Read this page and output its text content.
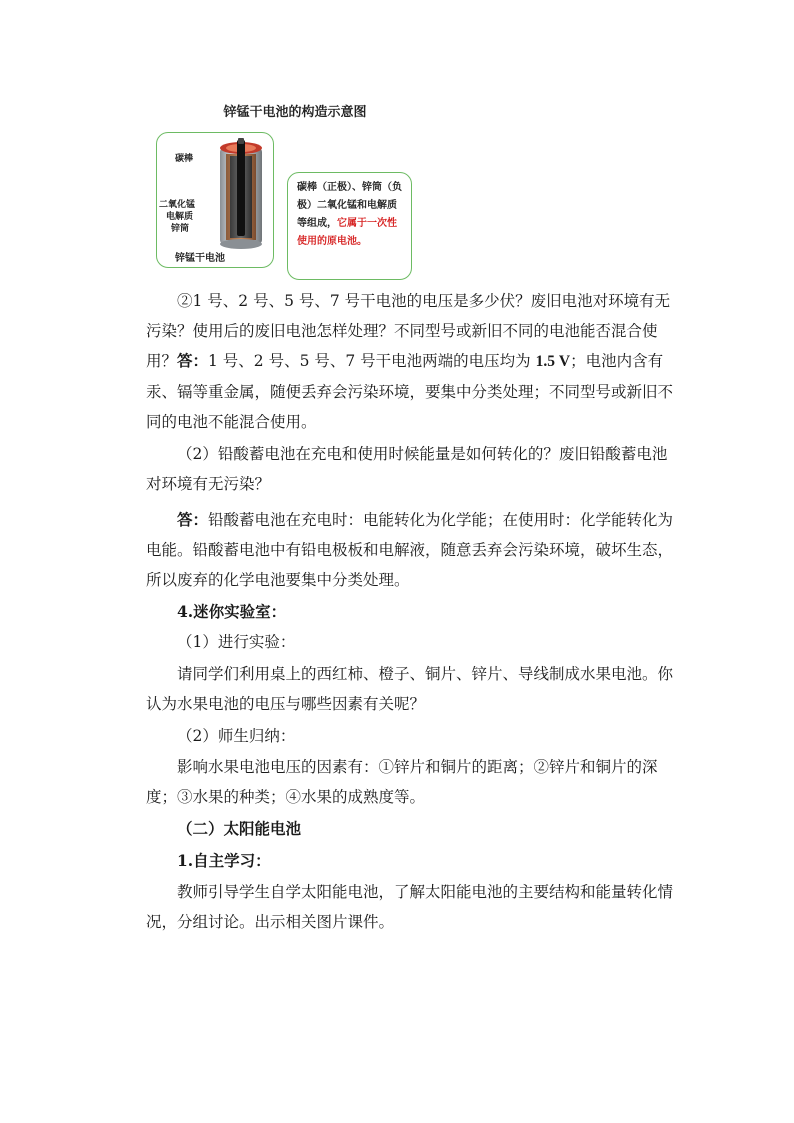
锌锰干电池的构造示意图
碳棒
二氧化锰
电解质
锌筒
锌锰干电池
碳棒（正极）、锌筒（负极）二氧化锰和电解质等组成，它属于一次性使用的原电池。
②1 号、2 号、5 号、7 号干电池的电压是多少伏？废旧电池对环境有无污染？使用后的废旧电池怎样处理？不同型号或新旧不同的电池能否混合使用？ 答：1 号、2 号、5 号、7 号干电池两端的电压均为 1.5 V；电池内含有汞、镉等重金属，随便丢弃会污染环境，要集中分类处理；不同型号或新旧不同的电池不能混合使用。
（2）铅酸蓄电池在充电和使用时候能量是如何转化的？废旧铅酸蓄电池对环境有无污染？
答：铅酸蓄电池在充电时：电能转化为化学能；在使用时：化学能转化为电能。铅酸蓄电池中有铅电极板和电解液，随意丢弃会污染环境，破坏生态，所以废弃的化学电池要集中分类处理。
4.迷你实验室：
（1）进行实验：
请同学们利用桌上的西红柿、橙子、铜片、锌片、导线制成水果电池。你认为水果电池的电压与哪些因素有关呢？
（2）师生归纳：
影响水果电池电压的因素有：①锌片和铜片的距离；②锌片和铜片的深度；③水果的种类；④水果的成熟度等。
（二）太阳能电池
1.自主学习：
教师引导学生自学太阳能电池，了解太阳能电池的主要结构和能量转化情况，分组讨论。出示相关图片课件。
